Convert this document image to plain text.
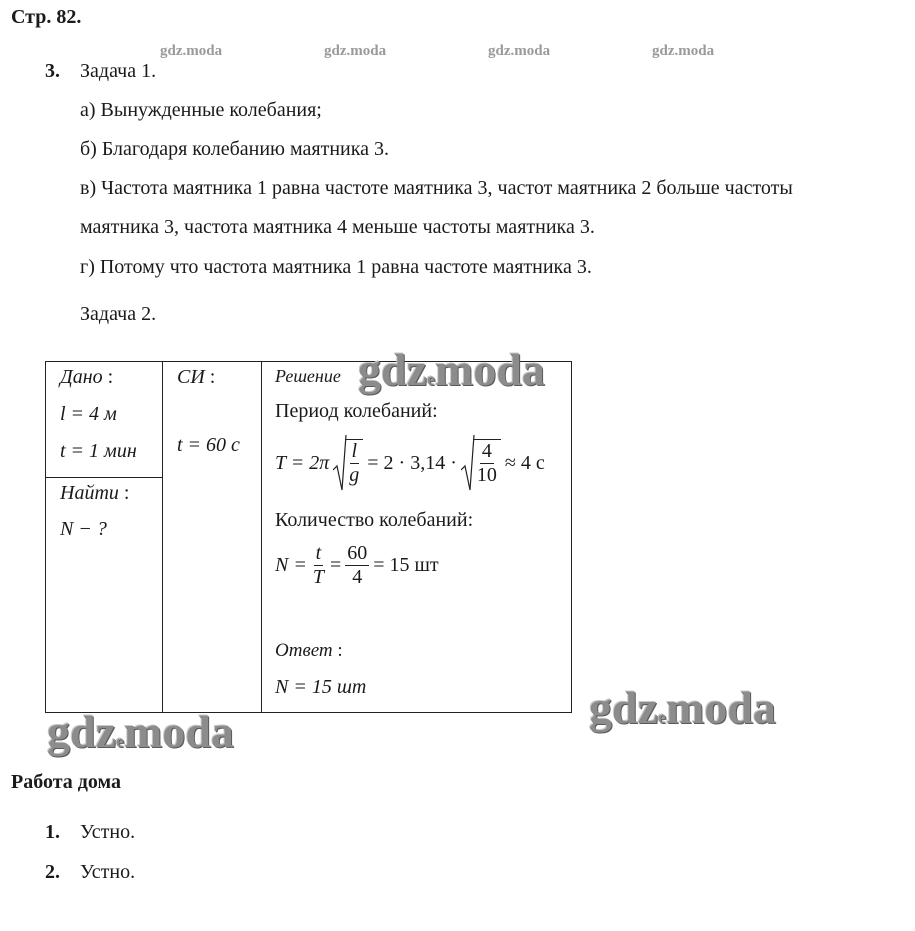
Стр. 82.
gdz.moda	gdz.moda	gdz.moda	gdz.moda
3. Задача 1.
а) Вынужденные колебания;
б) Благодаря колебанию маятника 3.
в) Частота маятника 1 равна частоте маятника 3, частот маятника 2 больше частоты
маятника 3, частота маятника 4 меньше частоты маятника 3.
г) Потому что частота маятника 1 равна частоте маятника 3.
Задача 2.
Дано :
l = 4 м
t = 1 мин
Найти :
N − ?
СИ :
t = 60 с
Решение
Период колебаний:
$T = 2\pi \frac{l}{g} = 2 \cdot 3,14 \cdot \frac{4}{10} \approx 4$ с
Количество колебаний:
$N = \frac{t}{T} = \frac{60}{4} = 15$ шт
Ответ :
N = 15 шт
gdzemoda
gdzemoda
gdzemoda
Работа дома
1. Устно.
2. Устно.
